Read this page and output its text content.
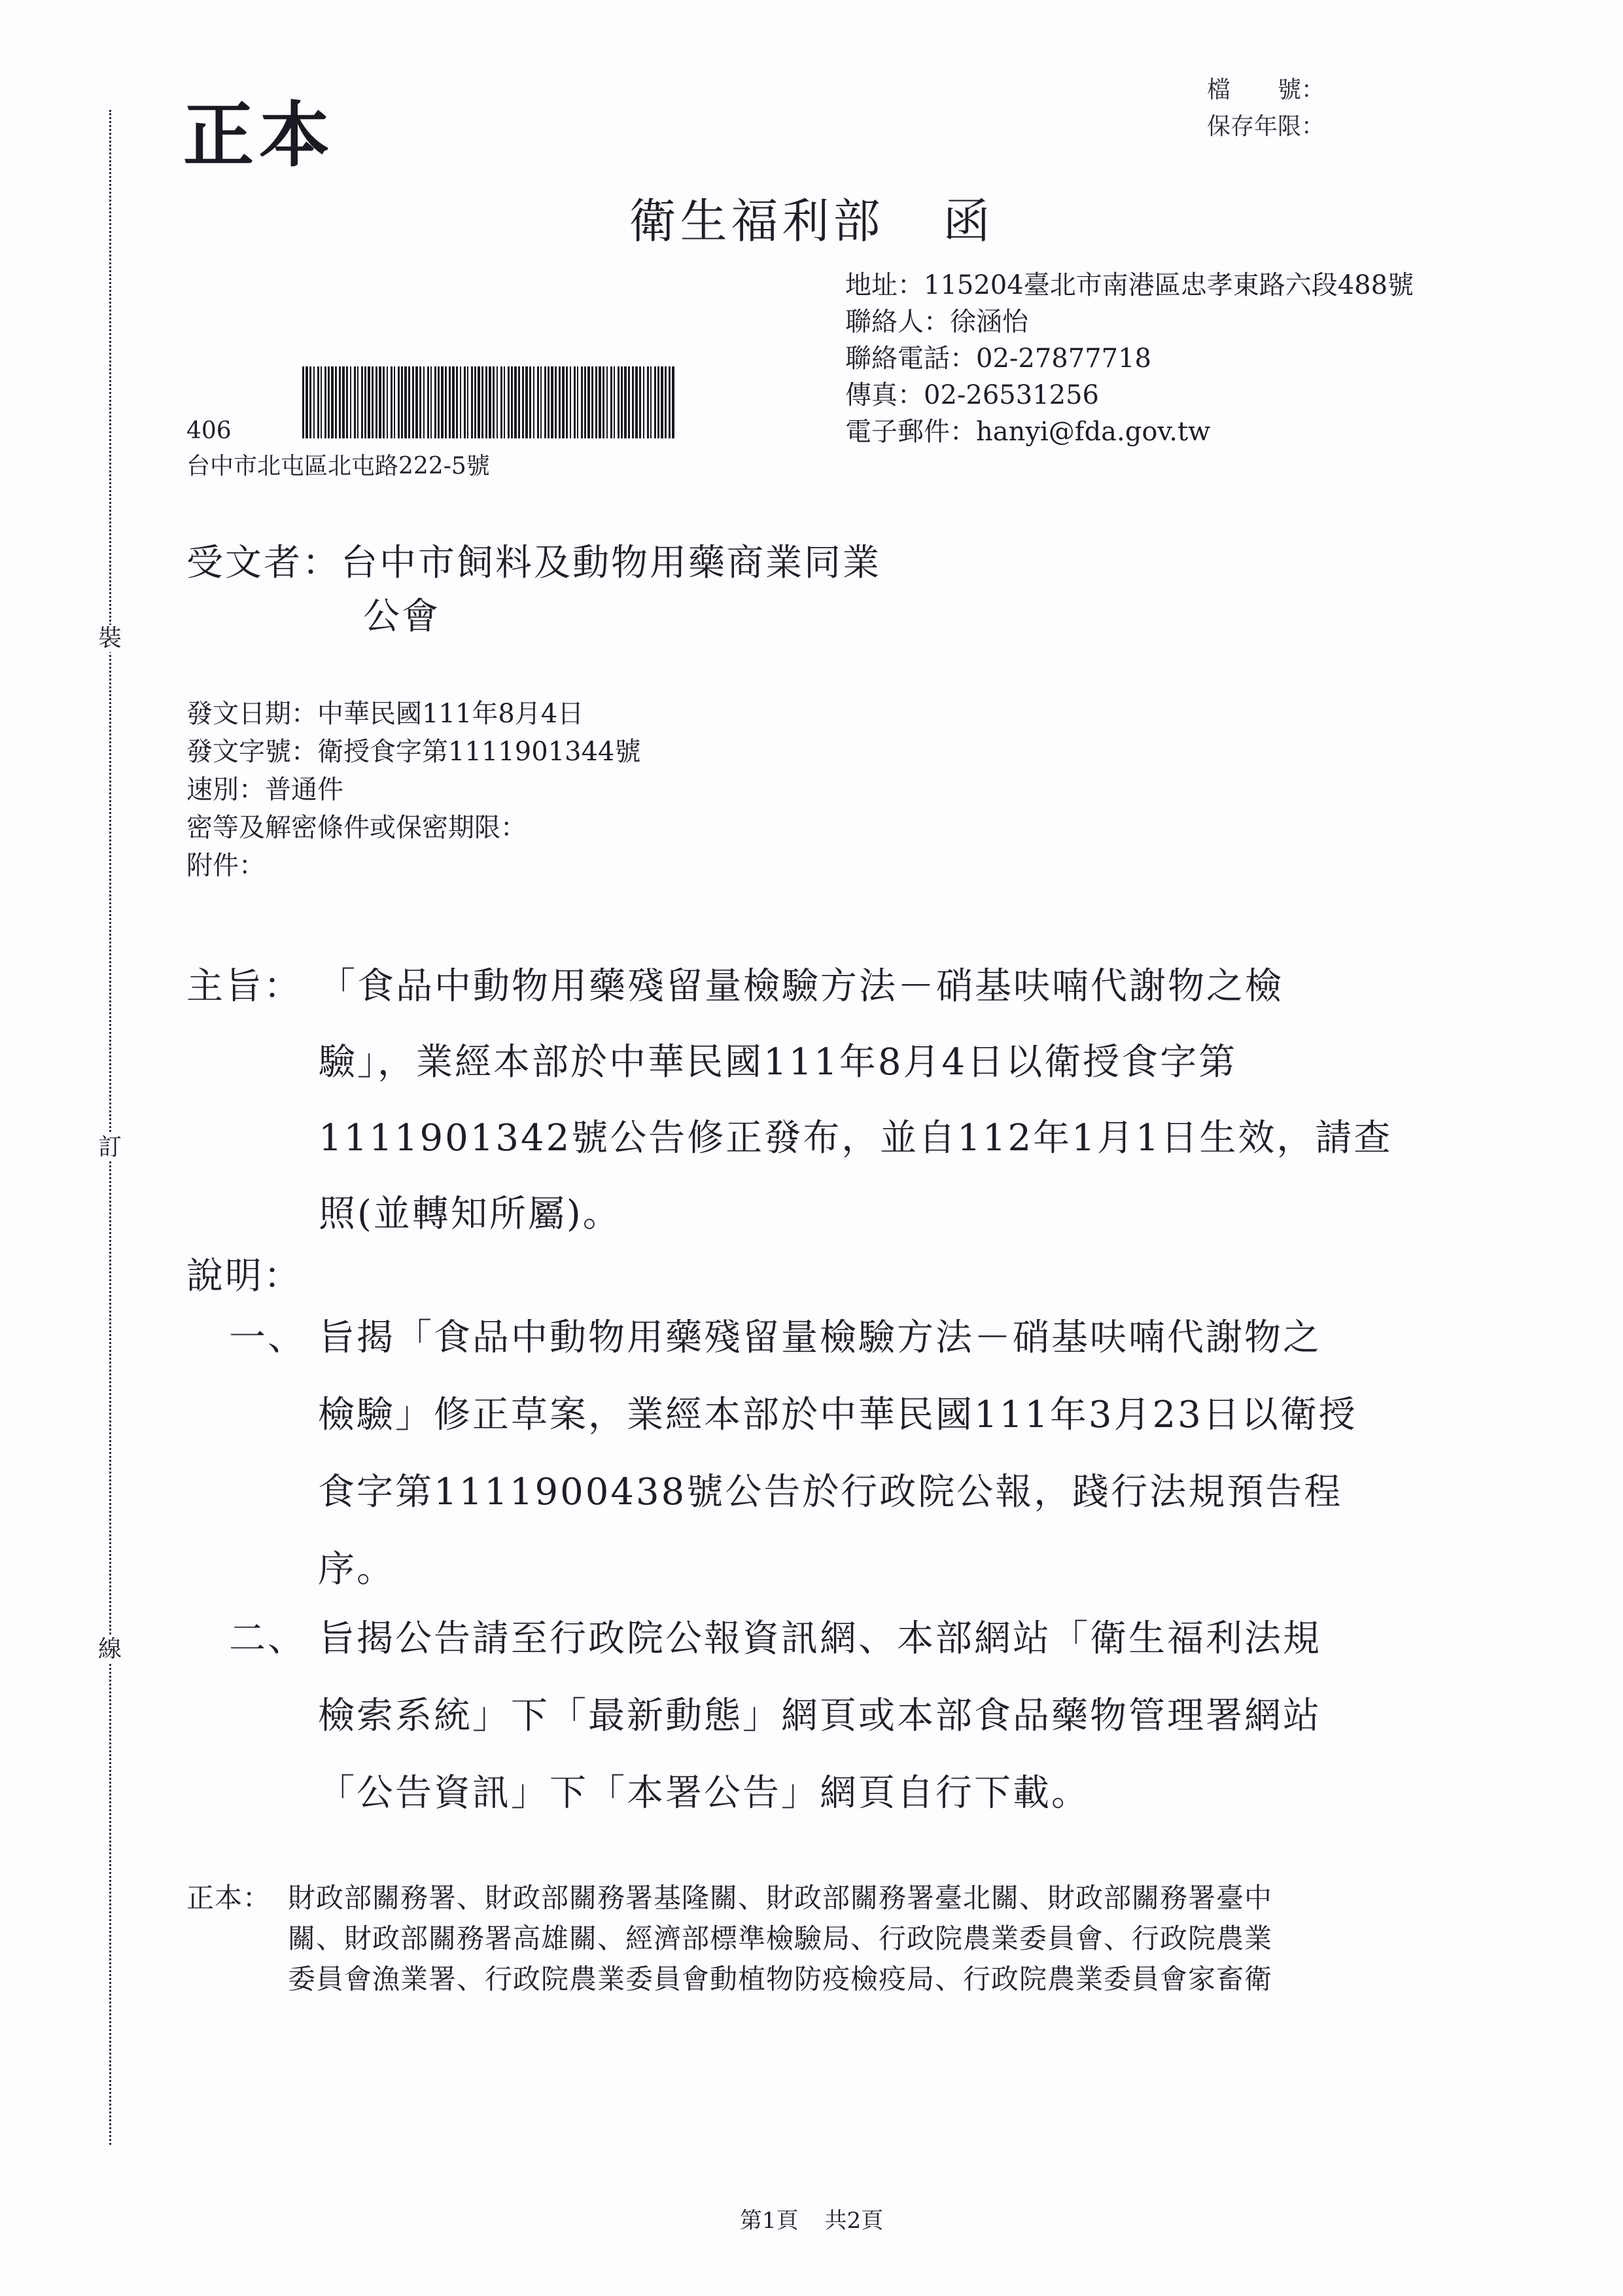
裝
訂
線
正本
檔　　號：
保存年限：
衛生福利部 函
地址：115204臺北市南港區忠孝東路六段488號
聯絡人：徐涵怡
聯絡電話：02-27877718
傳真：02-26531256
電子郵件：hanyi@fda.gov.tw
406
台中市北屯區北屯路222-5號
受文者：台中市飼料及動物用藥商業同業
公會
發文日期：中華民國111年8月4日
發文字號：衛授食字第1111901344號
速別：普通件
密等及解密條件或保密期限：
附件：
主旨： 「食品中動物用藥殘留量檢驗方法－硝基呋喃代謝物之檢
驗」，業經本部於中華民國111年8月4日以衛授食字第
1111901342號公告修正發布，並自112年1月1日生效，請查
照(並轉知所屬)。
說明：
一、 旨揭「食品中動物用藥殘留量檢驗方法－硝基呋喃代謝物之
檢驗」修正草案，業經本部於中華民國111年3月23日以衛授
食字第1111900438號公告於行政院公報，踐行法規預告程
序。
二、 旨揭公告請至行政院公報資訊網、本部網站「衛生福利法規
檢索系統」下「最新動態」網頁或本部食品藥物管理署網站
「公告資訊」下「本署公告」網頁自行下載。
正本： 財政部關務署、財政部關務署基隆關、財政部關務署臺北關、財政部關務署臺中
關、財政部關務署高雄關、經濟部標準檢驗局、行政院農業委員會、行政院農業
委員會漁業署、行政院農業委員會動植物防疫檢疫局、行政院農業委員會家畜衛
第1頁 共2頁
